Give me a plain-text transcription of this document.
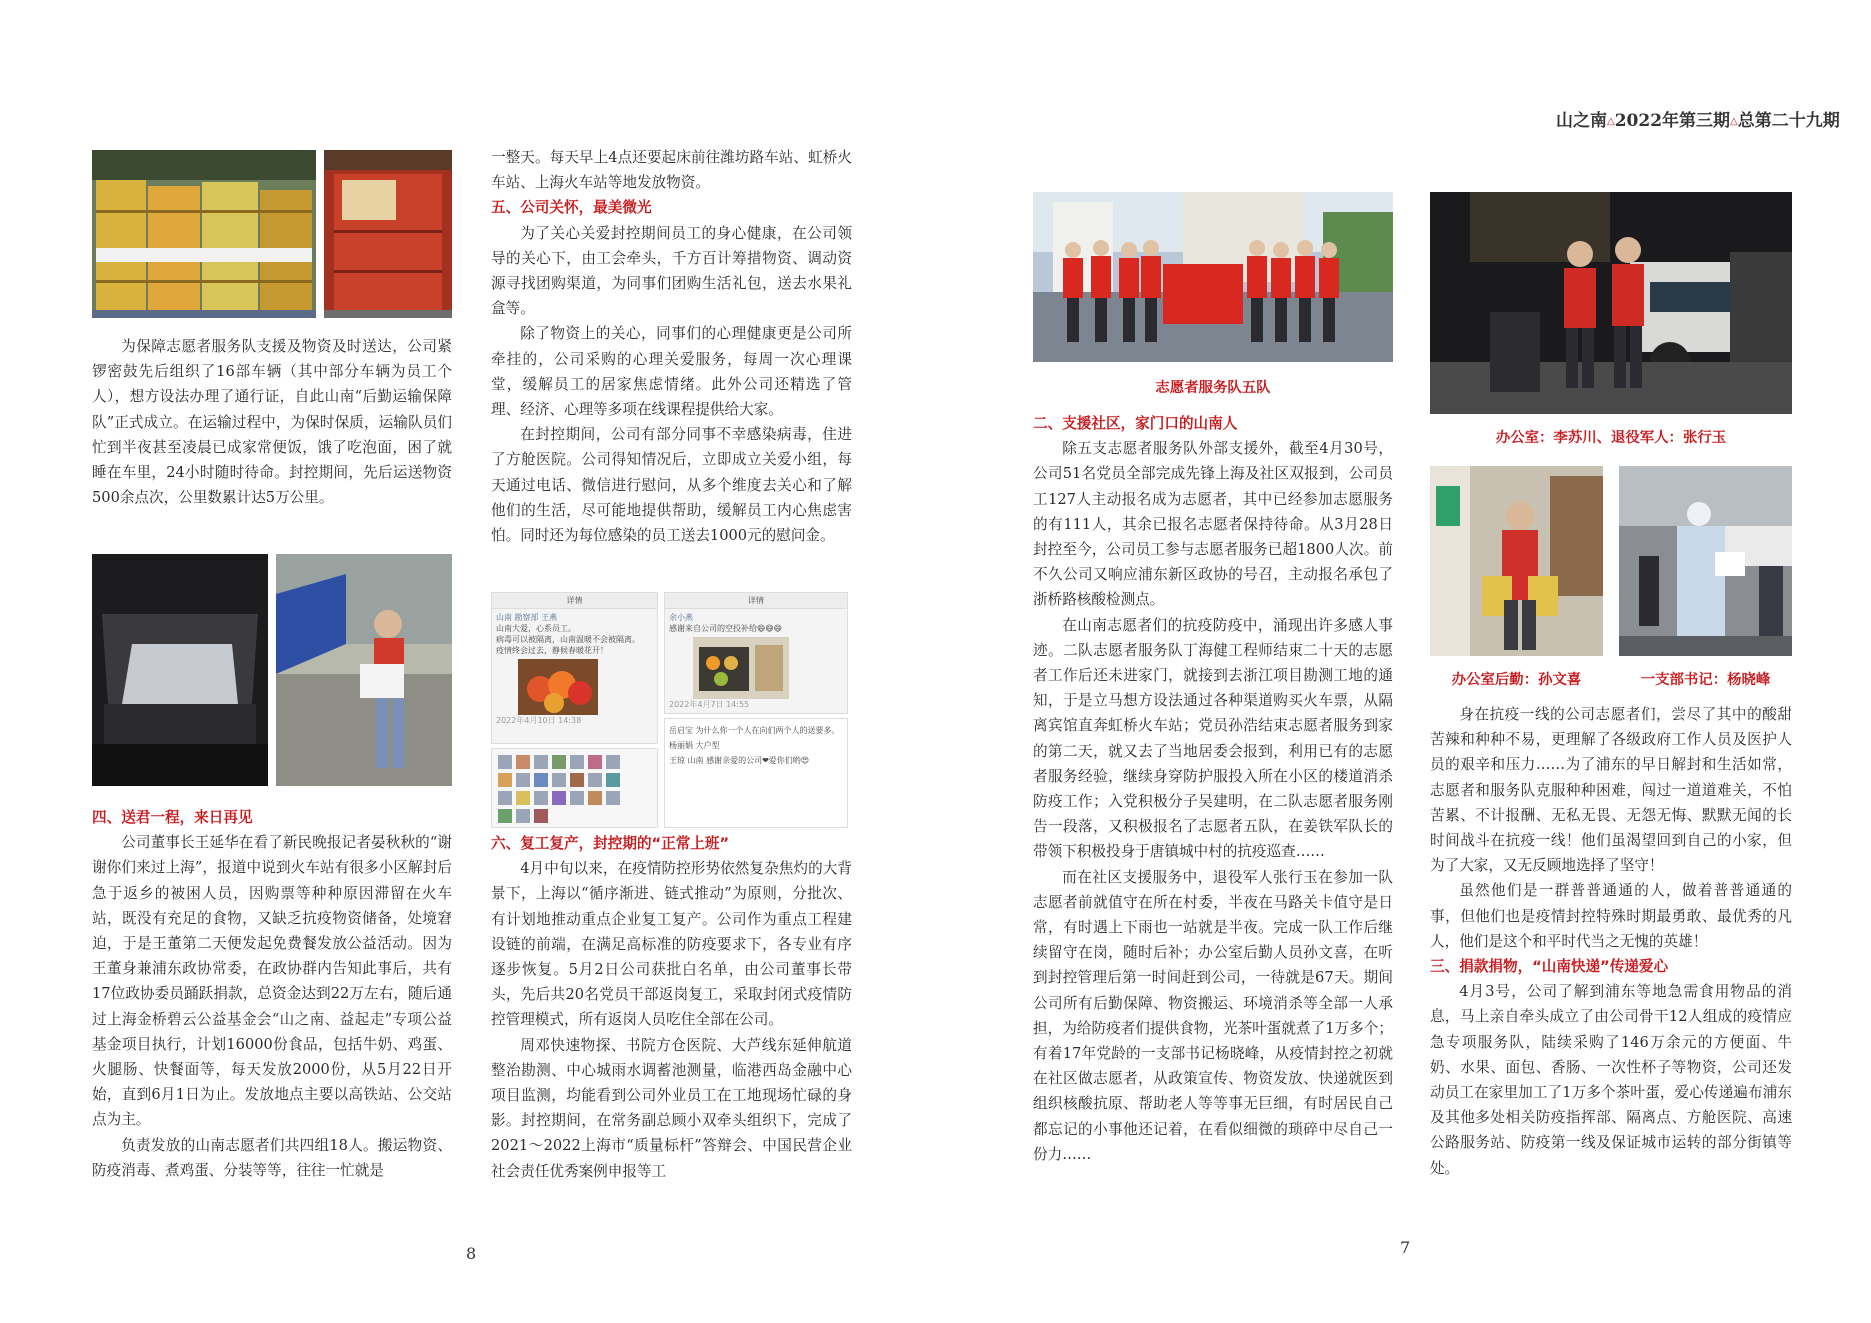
山之南△2022年第三期△总第二十九期

为保障志愿者服务队支援及物资及时送达，公司紧锣密鼓先后组织了16部车辆（其中部分车辆为员工个人），想方设法办理了通行证，自此山南“后勤运输保障队”正式成立。在运输过程中，为保时保质，运输队员们忙到半夜甚至凌晨已成家常便饭，饿了吃泡面，困了就睡在车里，24小时随时待命。封控期间，先后运送物资500余点次，公里数累计达5万公里。

四、送君一程，来日再见

公司董事长王延华在看了新民晚报记者晏秋秋的“谢谢你们来过上海”，报道中说到火车站有很多小区解封后急于返乡的被困人员，因购票等种种原因滞留在火车站，既没有充足的食物，又缺乏抗疫物资储备，处境窘迫，于是王董第二天便发起免费餐发放公益活动。因为王董身兼浦东政协常委，在政协群内告知此事后，共有17位政协委员踊跃捐款，总资金达到22万左右，随后通过上海金桥碧云公益基金会“山之南、益起走”专项公益基金项目执行，计划16000份食品，包括牛奶、鸡蛋、火腿肠、快餐面等，每天发放2000份，从5月22日开始，直到6月1日为止。发放地点主要以高铁站、公交站点为主。

负责发放的山南志愿者们共四组18人。搬运物资、防疫消毒、煮鸡蛋、分装等等，往往一忙就是

一整天。每天早上4点还要起床前往潍坊路车站、虹桥火车站、上海火车站等地发放物资。

五、公司关怀，最美微光

为了关心关爱封控期间员工的身心健康，在公司领导的关心下，由工会牵头，千方百计筹措物资、调动资源寻找团购渠道，为同事们团购生活礼包，送去水果礼盒等。

除了物资上的关心，同事们的心理健康更是公司所牵挂的，公司采购的心理关爱服务，每周一次心理课堂，缓解员工的居家焦虑情绪。此外公司还精选了管理、经济、心理等多项在线课程提供给大家。

在封控期间，公司有部分同事不幸感染病毒，住进了方舱医院。公司得知情况后，立即成立关爱小组，每天通过电话、微信进行慰问，从多个维度去关心和了解他们的生活，尽可能地提供帮助，缓解员工内心焦虑害怕。同时还为每位感染的员工送去1000元的慰问金。

详情
山南 勘察部 王燕
山南大爱，心系员工。
病毒可以被隔离，山南温暖不会被隔离。
疫情终会过去，静候春暖花开！
2022年4月10日 14:38
详情
余小燕
感谢来自公司的空投补给😄😄😄
2022年4月7日 14:55
岳启宝 为什么你一个人在向们两个人的送要多。
杨丽娟 大户型
王琼 山南 感谢亲爱的公司❤爱你们哟😍
六、复工复产，封控期的“正常上班”

4月中旬以来，在疫情防控形势依然复杂焦灼的大背景下，上海以“循序渐进、链式推动”为原则，分批次、有计划地推动重点企业复工复产。公司作为重点工程建设链的前端，在满足高标准的防疫要求下，各专业有序逐步恢复。5月2日公司获批白名单，由公司董事长带头，先后共20名党员干部返岗复工，采取封闭式疫情防控管理模式，所有返岗人员吃住全部在公司。

周邓快速物探、书院方仓医院、大芦线东延伸航道整治勘测、中心城雨水调蓄池测量，临港西岛金融中心项目监测，均能看到公司外业员工在工地现场忙碌的身影。封控期间，在常务副总顾小双牵头组织下，完成了2021～2022上海市“质量标杆”答辩会、中国民营企业社会责任优秀案例申报等工

8
志愿者服务队五队
二、支援社区，家门口的山南人

除五支志愿者服务队外部支援外，截至4月30号，公司51名党员全部完成先锋上海及社区双报到，公司员工127人主动报名成为志愿者，其中已经参加志愿服务的有111人，其余已报名志愿者保持待命。从3月28日封控至今，公司员工参与志愿者服务已超1800人次。前不久公司又响应浦东新区政协的号召，主动报名承包了浙桥路核酸检测点。

在山南志愿者们的抗疫防疫中，涌现出许多感人事迹。二队志愿者服务队丁海健工程师结束二十天的志愿者工作后还未进家门，就接到去浙江项目勘测工地的通知，于是立马想方设法通过各种渠道购买火车票，从隔离宾馆直奔虹桥火车站；党员孙浩结束志愿者服务到家的第二天，就又去了当地居委会报到，利用已有的志愿者服务经验，继续身穿防护服投入所在小区的楼道消杀防疫工作；入党积极分子吴建明，在二队志愿者服务刚告一段落，又积极报名了志愿者五队，在姜铁军队长的带领下积极投身于唐镇城中村的抗疫巡查……

而在社区支援服务中，退役军人张行玉在参加一队志愿者前就值守在所在村委，半夜在马路关卡值守是日常，有时遇上下雨也一站就是半夜。完成一队工作后继续留守在岗，随时后补；办公室后勤人员孙文喜，在听到封控管理后第一时间赶到公司，一待就是67天。期间公司所有后勤保障、物资搬运、环境消杀等全部一人承担，为给防疫者们提供食物，光茶叶蛋就煮了1万多个；有着17年党龄的一支部书记杨晓峰，从疫情封控之初就在社区做志愿者，从政策宣传、物资发放、快递就医到组织核酸抗原、帮助老人等等事无巨细，有时居民自己都忘记的小事他还记着，在看似细微的琐碎中尽自己一份力……

办公室：李苏川、退役军人：张行玉
办公室后勤：孙文喜	一支部书记：杨晓峰

身在抗疫一线的公司志愿者们，尝尽了其中的酸甜苦辣和种种不易，更理解了各级政府工作人员及医护人员的艰辛和压力……为了浦东的早日解封和生活如常，志愿者和服务队克服种种困难，闯过一道道难关，不怕苦累、不计报酬、无私无畏、无怨无悔、默默无闻的长时间战斗在抗疫一线！他们虽渴望回到自己的小家，但为了大家，又无反顾地选择了坚守！

虽然他们是一群普普通通的人，做着普普通通的事，但他们也是疫情封控特殊时期最勇敢、最优秀的凡人，他们是这个和平时代当之无愧的英雄！

三、捐款捐物，“山南快递”传递爱心

4月3号，公司了解到浦东等地急需食用物品的消息，马上亲自牵头成立了由公司骨干12人组成的疫情应急专项服务队，陆续采购了146万余元的方便面、牛奶、水果、面包、香肠、一次性杯子等物资，公司还发动员工在家里加工了1万多个茶叶蛋，爱心传递遍布浦东及其他多处相关防疫指挥部、隔离点、方舱医院、高速公路服务站、防疫第一线及保证城市运转的部分街镇等处。

7
